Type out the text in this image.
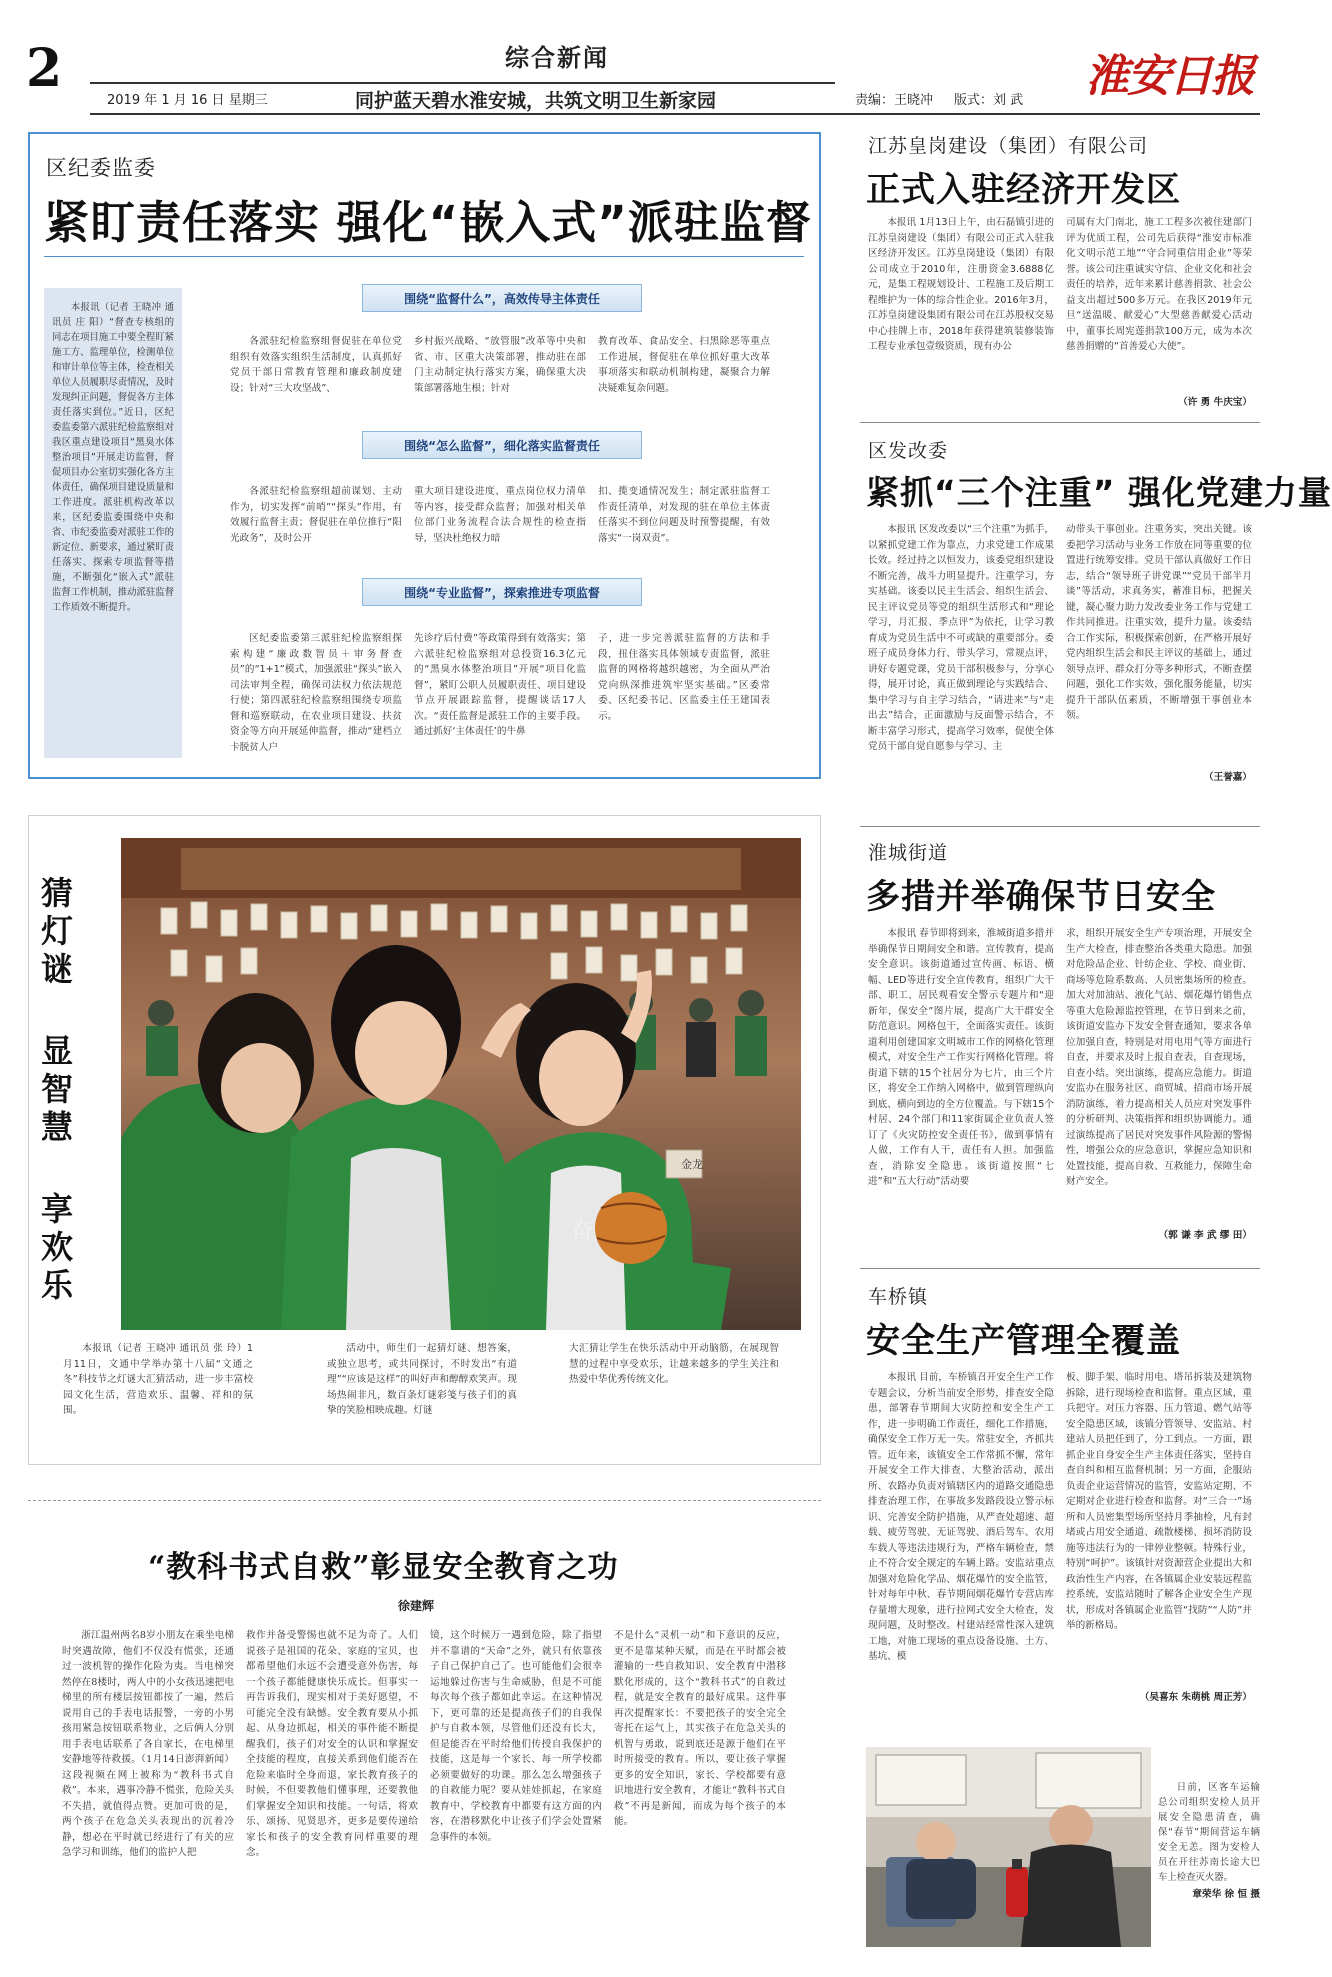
2	综合新闻
2019 年 1 月 16 日 星期三	同护蓝天碧水淮安城，共筑文明卫生新家园	责编：王晓冲 版式：刘 武 淮安日报
区纪委监委
紧盯责任落实 强化“嵌入式”派驻监督

本报讯（记者 王晓冲 通讯员 庄 阳）“督查专核组的同志在项目施工中要全程盯紧施工方、监理单位，检测单位和审计单位等主体，检查相关单位人员履职尽责情况，及时发现纠正问题，督促各方主体责任落实到位。”近日，区纪委监委第六派驻纪检监察组对我区重点建设项目“黑臭水体整治项目”开展走访监督，督促项目办公室切实强化各方主体责任，确保项目建设质量和工作进度。派驻机构改革以来，区纪委监委围绕中央和省、市纪委监委对派驻工作的新定位、新要求，通过紧盯责任落实、探索专项监督等措施，不断强化“嵌入式”派驻监督工作机制，推动派驻监督工作质效不断提升。

围绕“监督什么”，高效传导主体责任

各派驻纪检监察组督促驻在单位党组织有效落实组织生活制度，认真抓好党员干部日常教育管理和廉政制度建设；针对“三大攻坚战”、

乡村振兴战略、“放管服”改革等中央和省、市、区重大决策部署，推动驻在部门主动制定执行落实方案，确保重大决策部署落地生根；针对

教育改革、食品安全、扫黑除恶等重点工作进展，督促驻在单位抓好重大改革事项落实和联动机制构建，凝聚合力解决疑难复杂问题。

围绕“怎么监督”，细化落实监督责任

各派驻纪检监察组超前谋划、主动作为，切实发挥“前哨”“探头”作用，有效履行监督主责；督促驻在单位推行“阳光政务”，及时公开

重大项目建设进度、重点岗位权力清单等内容，接受群众监督；加强对相关单位部门业务流程合法合规性的检查指导，坚决杜绝权力暗

扣、揽变通情况发生；制定派驻监督工作责任清单，对发现的驻在单位主体责任落实不到位问题及时预警提醒，有效落实“一岗双责”。

围绕“专业监督”，探索推进专项监督

区纪委监委第三派驻纪检监察组探索构建“廉政数智员＋审务督查员”的“1+1”模式，加强派驻“探头”嵌入司法审判全程，确保司法权力依法规范行使；第四派驻纪检监察组围绕专项监督和巡察联动，在农业项目建设、扶贫资金等方向开展延伸监督，推动“建档立卡脱贫人户

先诊疗后付费”等政策得到有效落实；第六派驻纪检监察组对总投资16.3亿元的“黑臭水体整治项目”开展“项目化监督”，紧盯公职人员履职责任、项目建设节点开展跟踪监督，提醒谈话17人次。“责任监督是派驻工作的主要手段。通过抓好‘主体责任’的牛鼻

子，进一步完善派驻监督的方法和手段，扭住落实具体领域专责监督，派驻监督的网格将越织越密，为全面从严治党向纵深推进筑牢坚实基础。”区委常委、区纪委书记、区监委主任王建国表示。

江苏皇岗建设（集团）有限公司
正式入驻经济开发区

本报讯 1月13日上午，由石磊镇引进的江苏皇岗建设（集团）有限公司正式入驻我区经济开发区。江苏皇岗建设（集团）有限公司成立于2010年，注册资金3.6888亿元，是集工程规划设计、工程施工及后期工程维护为一体的综合性企业。2016年3月，江苏皇岗建设集团有限公司在江苏股权交易中心挂牌上市，2018年获得建筑装修装饰工程专业承包壹级资质，现有办公

司属有大门南北，施工工程多次被住建部门评为优质工程，公司先后获得“淮安市标准化文明示范工地”“守合同重信用企业”等荣誉。该公司注重诚实守信、企业文化和社会责任的培养，近年来累计慈善捐款、社会公益支出超过500多万元。在我区2019年元旦“送温暖、献爱心”大型慈善献爱心活动中，董事长周宪莲捐款100万元，成为本次慈善捐赠的“首善爱心大使”。

（许 勇 牛庆宝）
区发改委
紧抓“三个注重” 强化党建力量

本报讯 区发改委以“三个注重”为抓手，以紧抓党建工作为靠点，力求党建工作成果长效。经过持之以恒发力，该委党组织建设不断完善，战斗力明显提升。注重学习，夯实基础。该委以民主生活会、组织生活会、民主评议党员等党的组织生活形式和“理论学习，月汇报、季点评”为依托，让学习教育成为党员生活中不可或缺的重要部分。委班子成员身体力行、带头学习，常规点评，讲好专题党课，党员干部积极参与，分享心得，展开讨论，真正做到理论与实践结合、集中学习与自主学习结合，“请进来”与“走出去”结合，正面激励与反面警示结合，不断丰富学习形式，提高学习效率，促使全体党员干部自觉自愿参与学习、主

动带头干事创业。注重务实，突出关键。该委把学习活动与业务工作放在同等重要的位置进行统筹安排。党员干部认真做好工作日志，结合“领导班子讲党课”“党员干部半月谈”等活动，求真务实，蓄准目标，把握关键，凝心聚力助力发改委业务工作与党建工作共同推进。注重实效，提升力量。该委结合工作实际，积极探索创新，在严格开展好党内组织生活会和民主评议的基础上，通过领导点评、群众打分等多种形式，不断查摆问题，强化工作实效，强化服务能量，切实提升干部队伍素质，不断增强干事创业本领。

（王誉嘉）
淮城街道
多措并举确保节日安全

本报讯 春节即将到来，淮城街道多措并举确保节日期间安全和谐。宣传教育，提高安全意识。该街道通过宣传画、标语、横幅、LED等进行安全宣传教育，组织广大干部、职工、居民观看安全警示专题片和“迎新年，保安全”图片展，提高广大干群安全防范意识。网格包干，全面落实责任。该街道利用创建国家文明城市工作的网格化管理模式，对安全生产工作实行网格化管理。将街道下辖的15个社居分为七片，由三个片区，将安全工作纳入网格中，做到管理纵向到底、横向到边的全方位覆盖。与下辖15个村居、24个部门和11家街属企业负责人签订了《火灾防控安全责任书》，做到事情有人做，工作有人干，责任有人担。加强监查，消除安全隐患。该街道按照“七进”和“五大行动”活动要

求，组织开展安全生产专项治理，开展安全生产大检查，排查整治各类重大隐患。加强对危险品企业、针纺企业、学校、商业街、商场等危险系数高、人员密集场所的检查。加大对加油站、液化气站、烟花爆竹销售点等重大危险源监控管理，在节日到来之前，该街道安监办下发安全督查通知，要求各单位加强自查，特别是对用电用气等方面进行自查，并要求及时上报自查表，自查现场，自查小结。突出演练，提高应急能力。街道安监办在服务社区、商贸城、招商市场开展消防演练，着力提高相关人员应对突发事件的分析研判、决策指挥和组织协调能力。通过演练提高了居民对突发事件风险源的警惕性，增强公众的应急意识，掌握应急知识和处置技能，提高自救、互救能力，保障生命财产安全。

（郭 谦 李 武 缪 田）
车桥镇
安全生产管理全覆盖

本报讯 目前，车桥镇召开安全生产工作专题会议，分析当前安全形势，排查安全隐患，部署春节期间大灾防控和安全生产工作，进一步明确工作责任，细化工作措施，确保安全工作万无一失。常驻安全，齐抓共管。近年来，该镇安全工作常抓不懈，常年开展安全工作大排查、大整治活动，派出所、农路办负责对镇辖区内的道路交通隐患排查治理工作，在事故多发路段设立警示标识、完善安全防护措施，从严查处超速、超载、疲劳驾驶、无证驾驶、酒后驾车、农用车载人等违法违规行为，严格车辆检查，禁止不符合安全规定的车辆上路。安监站重点加强对危险化学品、烟花爆竹的安全监管，针对每年中秋、春节期间烟花爆竹专营店库存量增大现象，进行拉网式安全大检查，发现问题，及时整改。村建站经常性深入建筑工地，对施工现场的重点设备设施、土方、基坑、模

板、脚手架、临时用电、塔吊拆装及建筑物拆除，进行现场检查和监督。重点区域，重兵把守。对压力容器、压力管道、燃气站等安全隐患区域，该镇分管领导、安监站、村建站人员把任到了，分工到点。一方面，跟抓企业自身安全生产主体责任落实，坚持自查自纠和相互监督机制；另一方面，企服站负责企业运营情况的监管，安监站定期、不定期对企业进行检查和监督。对“三合一”场所和人员密集型场所坚持月季抽检，凡有封堵或占用安全通道、疏散楼梯、损坏消防设施等违法行为的一律停业整顿。特殊行业，特别“呵护”。该镇针对资源营企业提出大和政治性生产内容，在各镇属企业安装远程监控系统，安监站随时了解各企业安全生产现状，形成对各镇属企业监管“找防”“人防”并举的新格局。

（吴喜东 朱萌桃 周正芳）

日前，区客车运输总公司组织安检人员开展安全隐患清查，确保“春节”期间营运车辆安全无恙。图为安检人员在开往苏南长途大巴车上检查灭火器。

章荣华 徐 恒 摄

猜灯谜 显智慧 享欢乐	奋
金龙

本报讯（记者 王晓冲 通讯员 张 玲）1月11日，文通中学举办第十八届“文通之冬”科技节之灯谜大汇猜活动，进一步丰富校园文化生活，营造欢乐、温馨、祥和的氛围。

活动中，师生们一起猜灯谜、想答案，或独立思考，或共同探讨，不时发出“有道理”“应该是这样”的叫好声和醇醇欢笑声。现场热闹非凡，数百条灯谜彩笺与孩子们的真挚的笑脸相映成趣。灯谜

大汇猜让学生在快乐活动中开动脑筋，在展现智慧的过程中享受欢乐，让越来越多的学生关注和热爱中华优秀传统文化。

“教科书式自救”彰显安全教育之功
徐建辉

浙江温州两名8岁小朋友在乘坐电梯时突遇故障，他们不仅没有慌张，还通过一波机智的操作化险为夷。当电梯突然停在8楼时，两人中的小女孩迅速把电梯里的所有楼层按钮都按了一遍，然后说用自己的手表电话报警，一旁的小男孩用紧急按钮联系物业，之后俩人分别用手表电话联系了各自家长，在电梯里安静地等待救援。（1月14日澎湃新闻）这段视频在网上被称为“教科书式自救”。本来，遇事冷静不慌张，危险关头不失措，就值得点赞。更加可贵的是，两个孩子在危急关头表现出的沉着冷静，想必在平时就已经进行了有关的应急学习和训练，他们的监护人把

救作并备受警惕也就不足为奇了。人们说孩子是祖国的花朵、家庭的宝贝，也都希望他们永远不会遭受意外伤害，每一个孩子都能健康快乐成长。但事实一再告诉我们，现实相对于美好愿望，不可能完全没有缺憾。安全教育要从小抓起、从身边抓起，相关的事件能不断提醒我们，孩子们对安全的认识和掌握安全技能的程度，直接关系到他们能否在危险来临时全身而退，家长教育孩子的时候，不但要教他们懂事理，还要教他们掌握安全知识和技能。一句话，将欢乐、颂扬、见贤思齐，更多是要传递给家长和孩子的安全教育同样重要的理念。

镜，这个时候万一遇到危险，除了指望并不靠谱的“天命”之外，就只有依靠孩子自己保护自己了。也可能他们会很幸运地躲过伤害与生命威胁，但是不可能每次每个孩子都如此幸运。在这种情况下，更可靠的还是提高孩子们的自我保护与自救本领，尽管他们还没有长大，但是能否在平时给他们传授自我保护的技能，这是每一个家长、每一所学校都必须要做好的功课。那么怎么增强孩子的自救能力呢？要从娃娃抓起，在家庭教育中、学校教育中都要有这方面的内容，在潜移默化中让孩子们学会处置紧急事件的本领。

不是什么“灵机一动”和下意识的反应，更不是靠某种天赋，而是在平时都会被灌输的一些自救知识、安全教育中潜移默化形成的，这个“教科书式”的自救过程，就是安全教育的最好成果。这件事再次提醒家长：不要把孩子的安全完全寄托在运气上，其实孩子在危急关头的机智与勇敢，说到底还是源于他们在平时所接受的教育。所以，要让孩子掌握更多的安全知识，家长、学校都要有意识地进行安全教育，才能让“教科书式自救”不再是新闻，而成为每个孩子的本能。
